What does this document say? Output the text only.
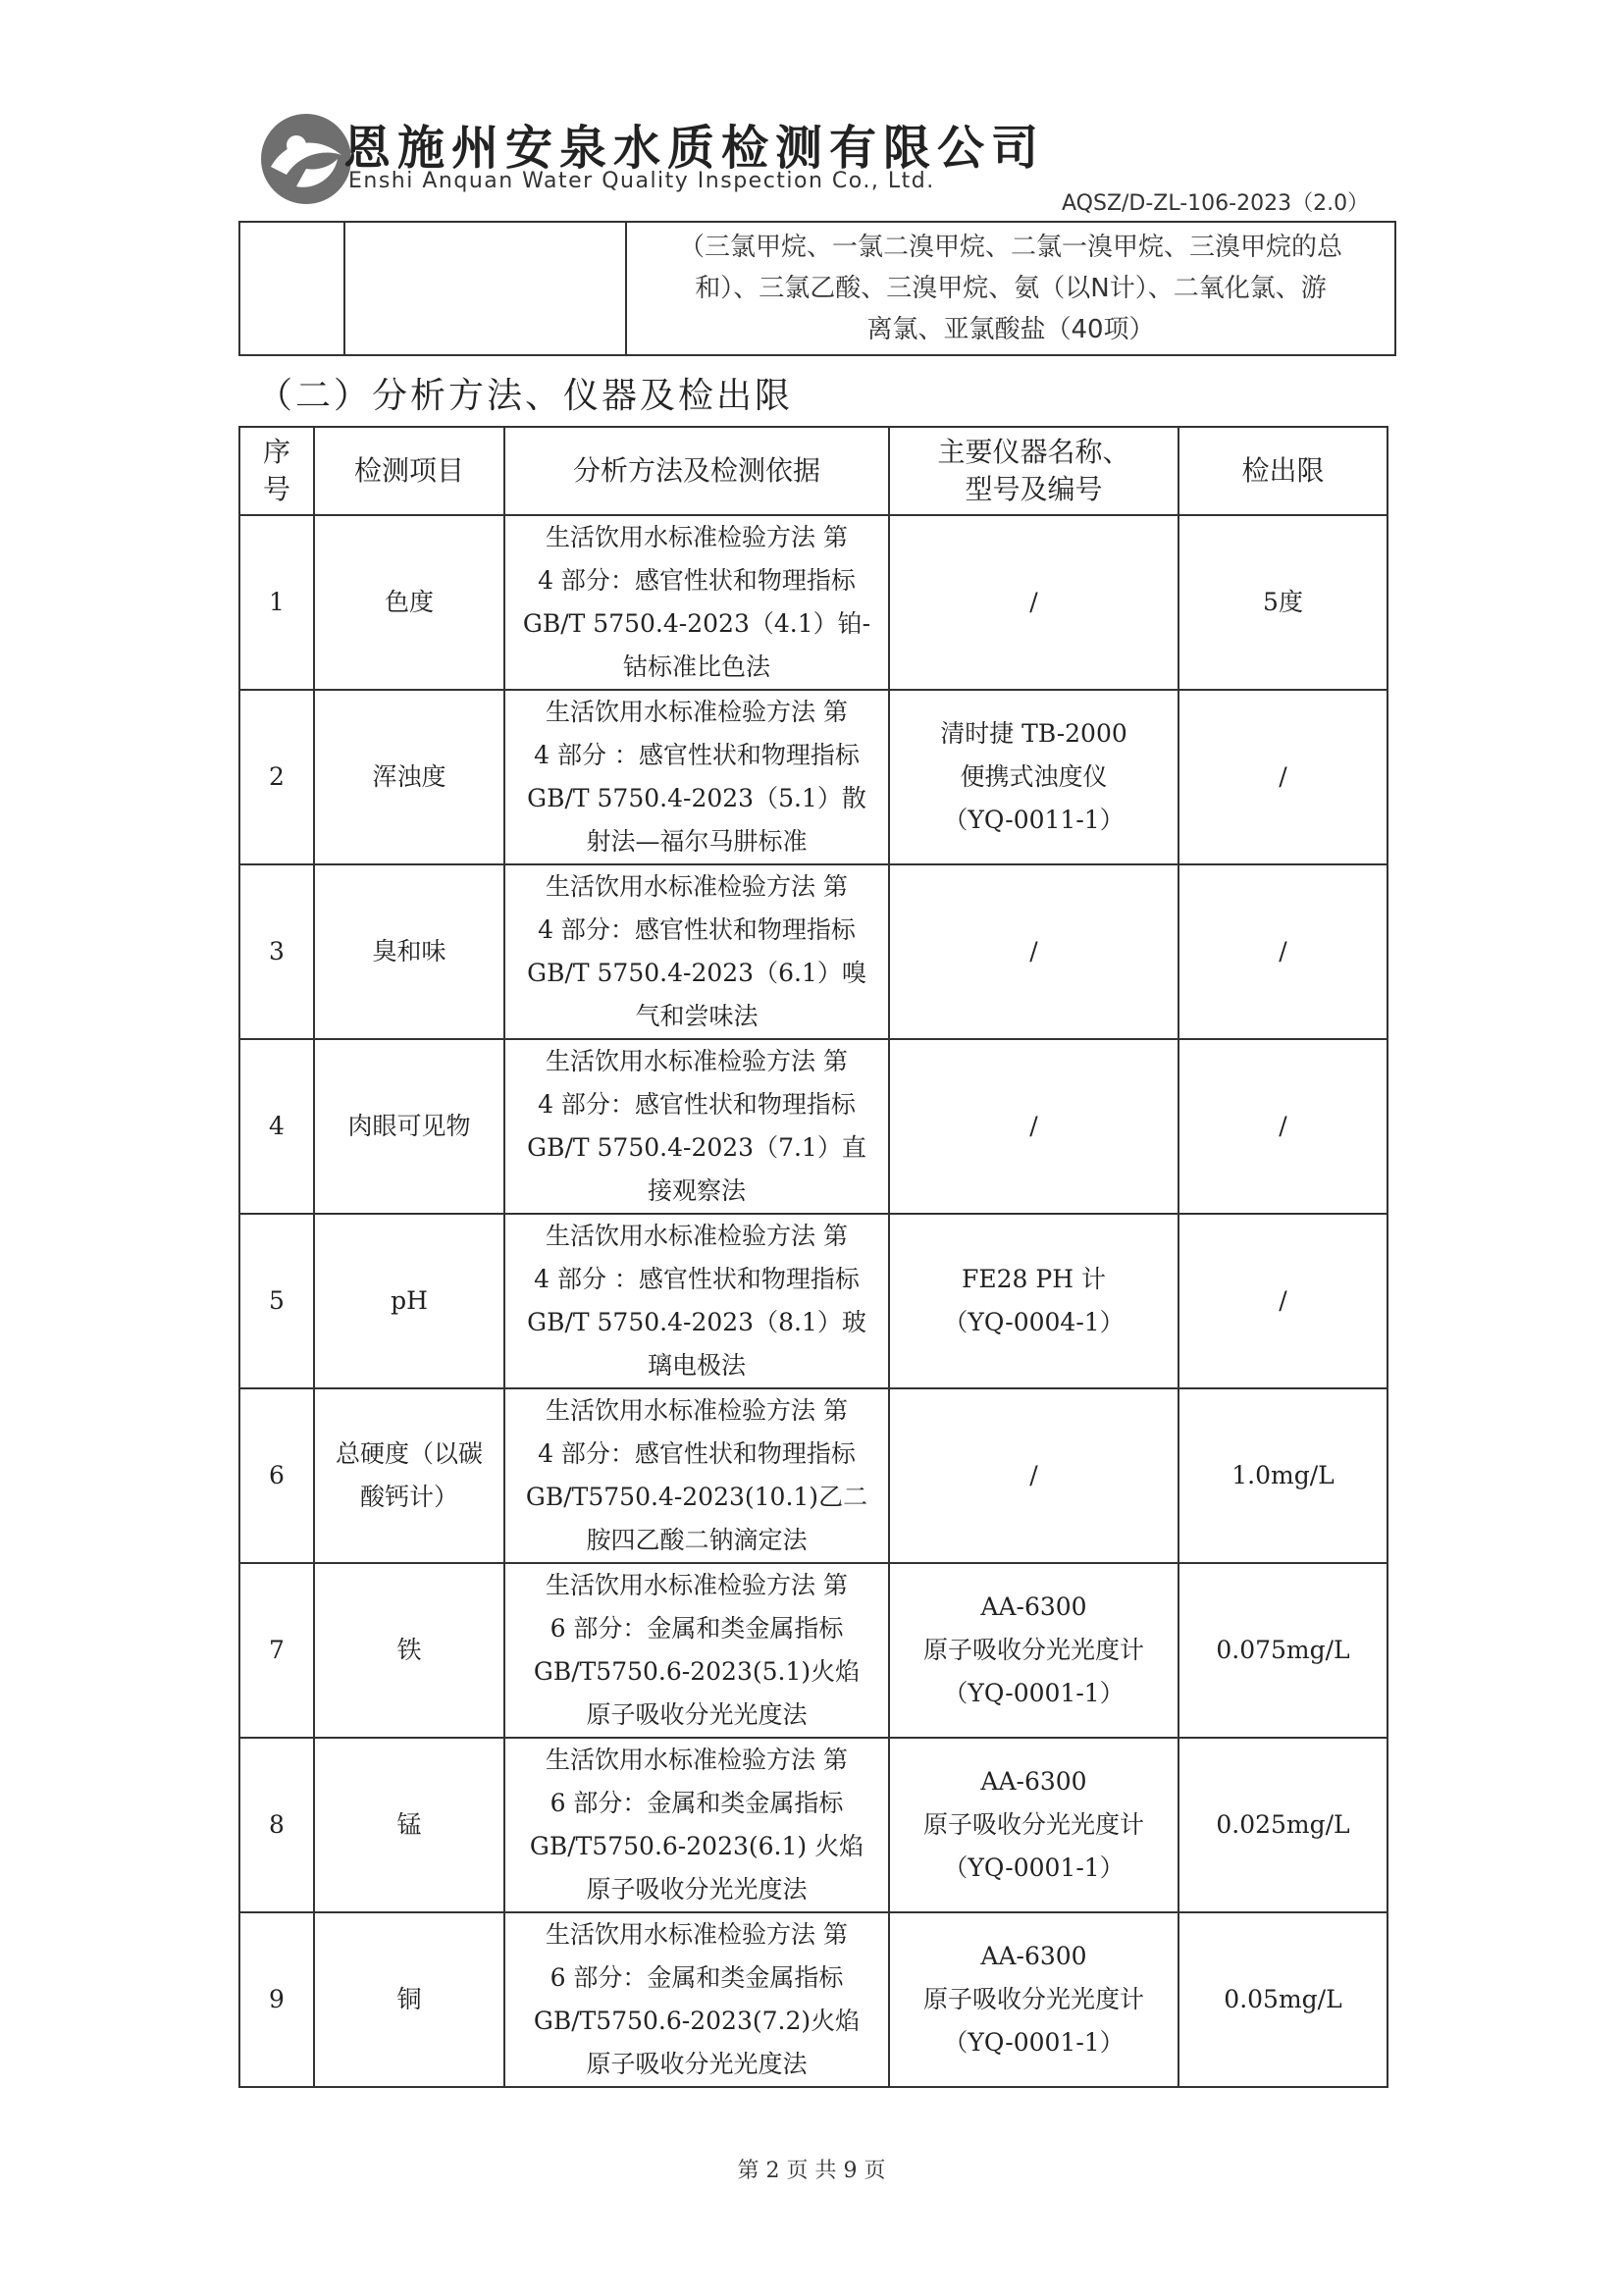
恩施州安泉水质检测有限公司
Enshi Anquan Water Quality Inspection Co., Ltd.
AQSZ/D-ZL-106-2023（2.0）

（三氯甲烷、一氯二溴甲烷、二氯一溴甲烷、三溴甲烷的总
和）、三氯乙酸、三溴甲烷、氨（以N计）、二氧化氯、游
离氯、亚氯酸盐（40项）
（二）分析方法、仪器及检出限
序
号	检测项目	分析方法及检测依据	主要仪器名称、
型号及编号	检出限
1	色度	生活饮用水标准检验方法 第
4 部分：感官性状和物理指标
GB/T 5750.4-2023（4.1）铂-
钴标准比色法	/	5度
2	浑浊度	生活饮用水标准检验方法 第
4 部分 ：感官性状和物理指标
GB/T 5750.4-2023（5.1）散
射法—福尔马肼标准	清时捷 TB-2000
便携式浊度仪
（YQ-0011-1）	/
3	臭和味	生活饮用水标准检验方法 第
4 部分：感官性状和物理指标
GB/T 5750.4-2023（6.1）嗅
气和尝味法	/	/
4	肉眼可见物	生活饮用水标准检验方法 第
4 部分：感官性状和物理指标
GB/T 5750.4-2023（7.1）直
接观察法	/	/
5	pH	生活饮用水标准检验方法 第
4 部分 ：感官性状和物理指标
GB/T 5750.4-2023（8.1）玻
璃电极法	FE28 PH 计
（YQ-0004-1）	/
6	总硬度（以碳
酸钙计）	生活饮用水标准检验方法 第
4 部分：感官性状和物理指标
GB/T5750.4-2023(10.1)乙二
胺四乙酸二钠滴定法	/	1.0mg/L
7	铁	生活饮用水标准检验方法 第
6 部分：金属和类金属指标
GB/T5750.6-2023(5.1)火焰
原子吸收分光光度法	AA-6300
原子吸收分光光度计
（YQ-0001-1）	0.075mg/L
8	锰	生活饮用水标准检验方法 第
6 部分：金属和类金属指标
GB/T5750.6-2023(6.1) 火焰
原子吸收分光光度法	AA-6300
原子吸收分光光度计
（YQ-0001-1）	0.025mg/L
9	铜	生活饮用水标准检验方法 第
6 部分：金属和类金属指标
GB/T5750.6-2023(7.2)火焰
原子吸收分光光度法	AA-6300
原子吸收分光光度计
（YQ-0001-1）	0.05mg/L
第 2 页 共 9 页
